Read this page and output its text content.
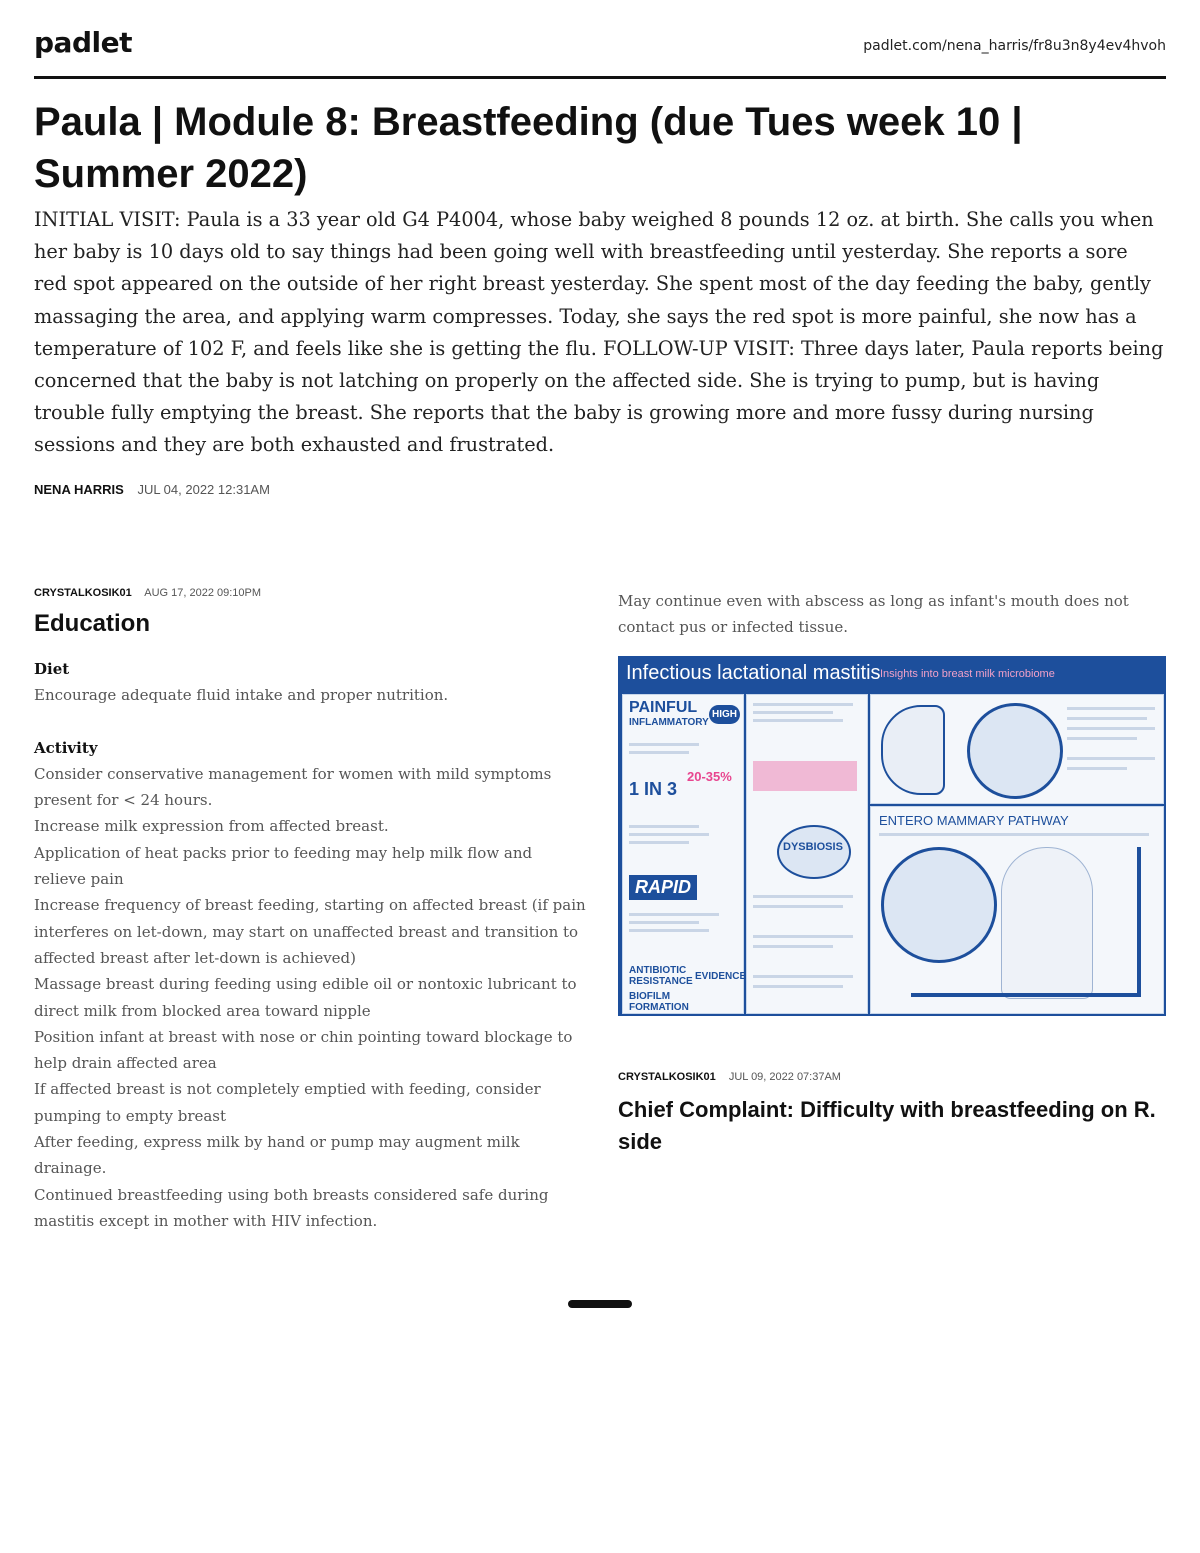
padlet	padlet.com/nena_harris/fr8u3n8y4ev4hvoh
Paula | Module 8: Breastfeeding (due Tues week 10 | Summer 2022)

INITIAL VISIT: Paula is a 33 year old G4 P4004, whose baby weighed 8 pounds 12 oz. at birth. She calls you when her baby is 10 days old to say things had been going well with breastfeeding until yesterday. She reports a sore red spot appeared on the outside of her right breast yesterday. She spent most of the day feeding the baby, gently massaging the area, and applying warm compresses. Today, she says the red spot is more painful, she now has a temperature of 102 F, and feels like she is getting the flu. FOLLOW-UP VISIT: Three days later, Paula reports being concerned that the baby is not latching on properly on the affected side. She is trying to pump, but is having trouble fully emptying the breast. She reports that the baby is growing more and more fussy during nursing sessions and they are both exhausted and frustrated.

NENA HARRIS JUL 04, 2022 12:31AM
CRYSTALKOSIK01 AUG 17, 2022 09:10PM
Education

Diet

Encourage adequate fluid intake and proper nutrition.

Activity

Consider conservative management for women with mild symptoms present for < 24 hours.

Increase milk expression from affected breast.

Application of heat packs prior to feeding may help milk flow and relieve pain

Increase frequency of breast feeding, starting on affected breast (if pain interferes on let-down, may start on unaffected breast and transition to affected breast after let-down is achieved)

Massage breast during feeding using edible oil or nontoxic lubricant to direct milk from blocked area toward nipple

Position infant at breast with nose or chin pointing toward blockage to help drain affected area

If affected breast is not completely emptied with feeding, consider pumping to empty breast

After feeding, express milk by hand or pump may augment milk drainage.

Continued breastfeeding using both breasts considered safe during mastitis except in mother with HIV infection.

May continue even with abscess as long as infant's mouth does not contact pus or infected tissue.

Infectious lactational mastitis Insights into breast milk microbiome
PAINFUL
INFLAMMATORY
HIGH
1 IN 3
20-35%
RAPID
ANTIBIOTIC RESISTANCE
BIOFILM FORMATION
EVIDENCE
DYSBIOSIS
ENTERO MAMMARY PATHWAY
CRYSTALKOSIK01 JUL 09, 2022 07:37AM
Chief Complaint: Difficulty with breastfeeding on R. side
